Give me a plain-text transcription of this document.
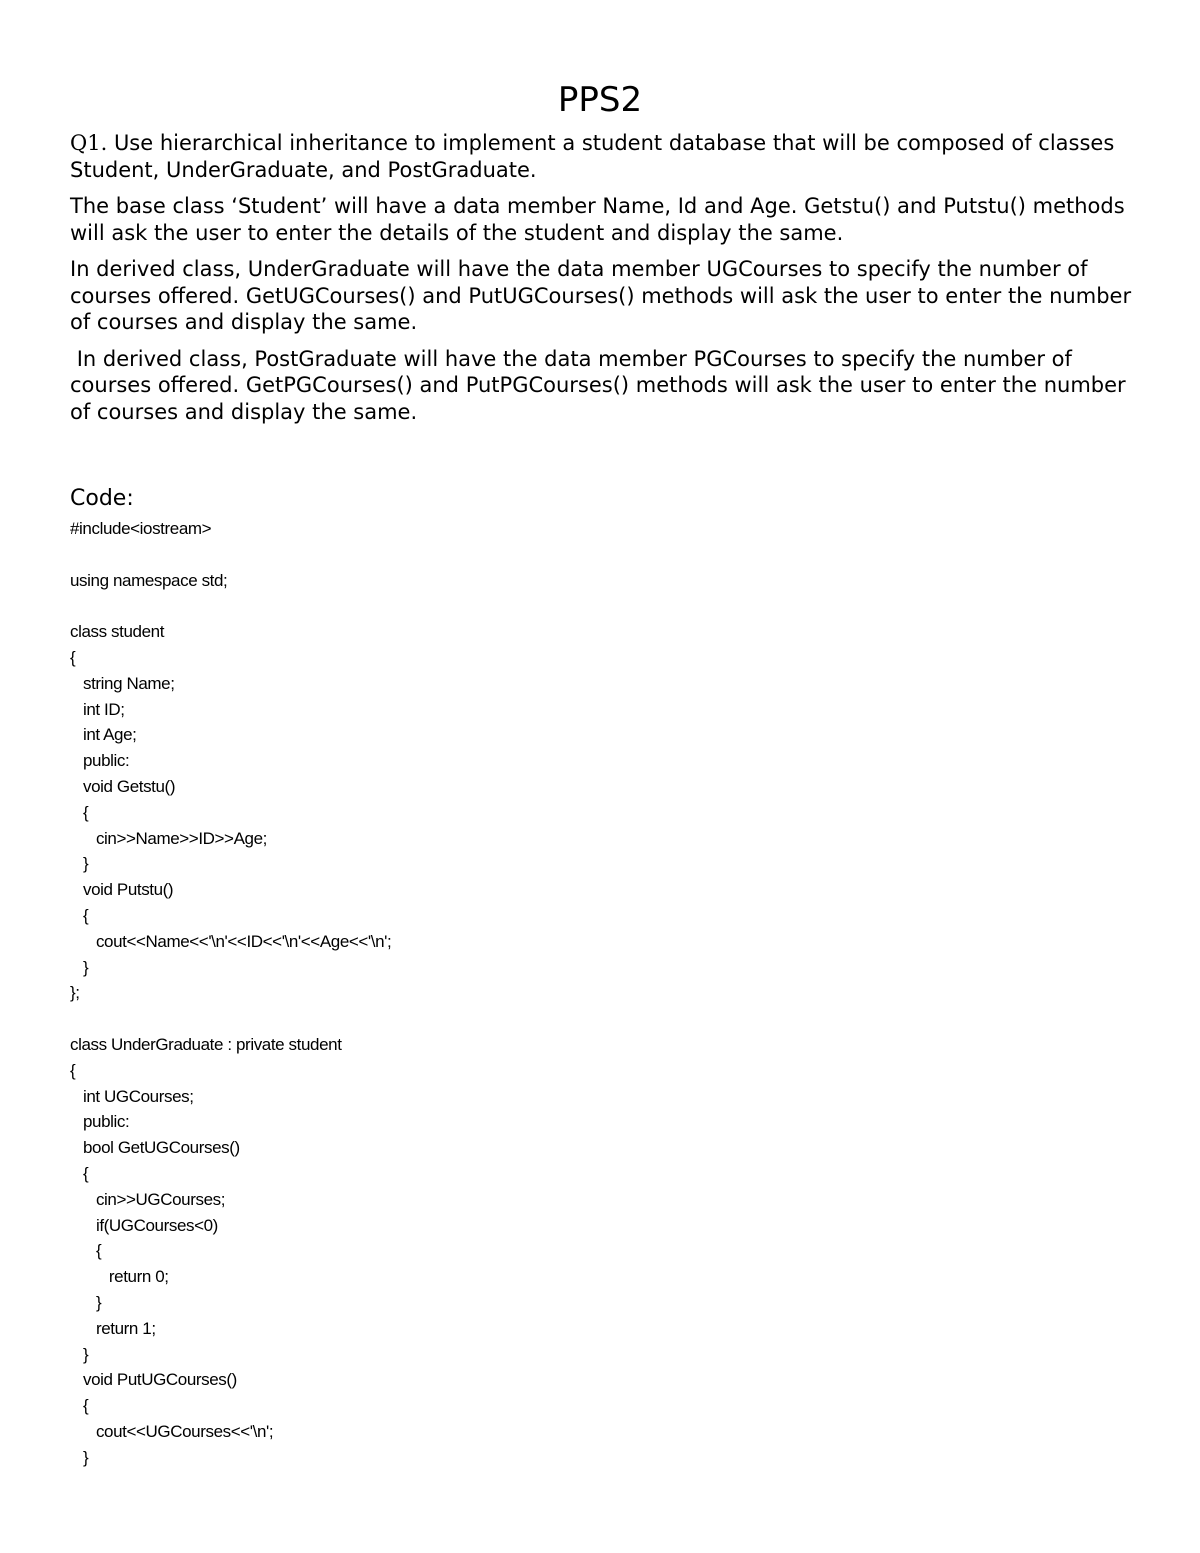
PPS2

Q1. Use hierarchical inheritance to implement a student database that will be composed of classes Student, UnderGraduate, and PostGraduate.

The base class ‘Student’ will have a data member Name, Id and Age. Getstu() and Putstu() methods will ask the user to enter the details of the student and display the same.

In derived class, UnderGraduate will have the data member UGCourses to specify the number of courses offered. GetUGCourses() and PutUGCourses() methods will ask the user to enter the number of courses and display the same.

In derived class, PostGraduate will have the data member PGCourses to specify the number of courses offered. GetPGCourses() and PutPGCourses() methods will ask the user to enter the number of courses and display the same.

Code:
#include<iostream>
using namespace std;
class student
{
string Name;
int ID;
int Age;
public:
void Getstu()
{
cin>>Name>>ID>>Age;
}
void Putstu()
{
cout<<Name<<'\n'<<ID<<'\n'<<Age<<'\n';
}
};
class UnderGraduate : private student
{
int UGCourses;
public:
bool GetUGCourses()
{
cin>>UGCourses;
if(UGCourses<0)
{
return 0;
}
return 1;
}
void PutUGCourses()
{
cout<<UGCourses<<'\n';
}
